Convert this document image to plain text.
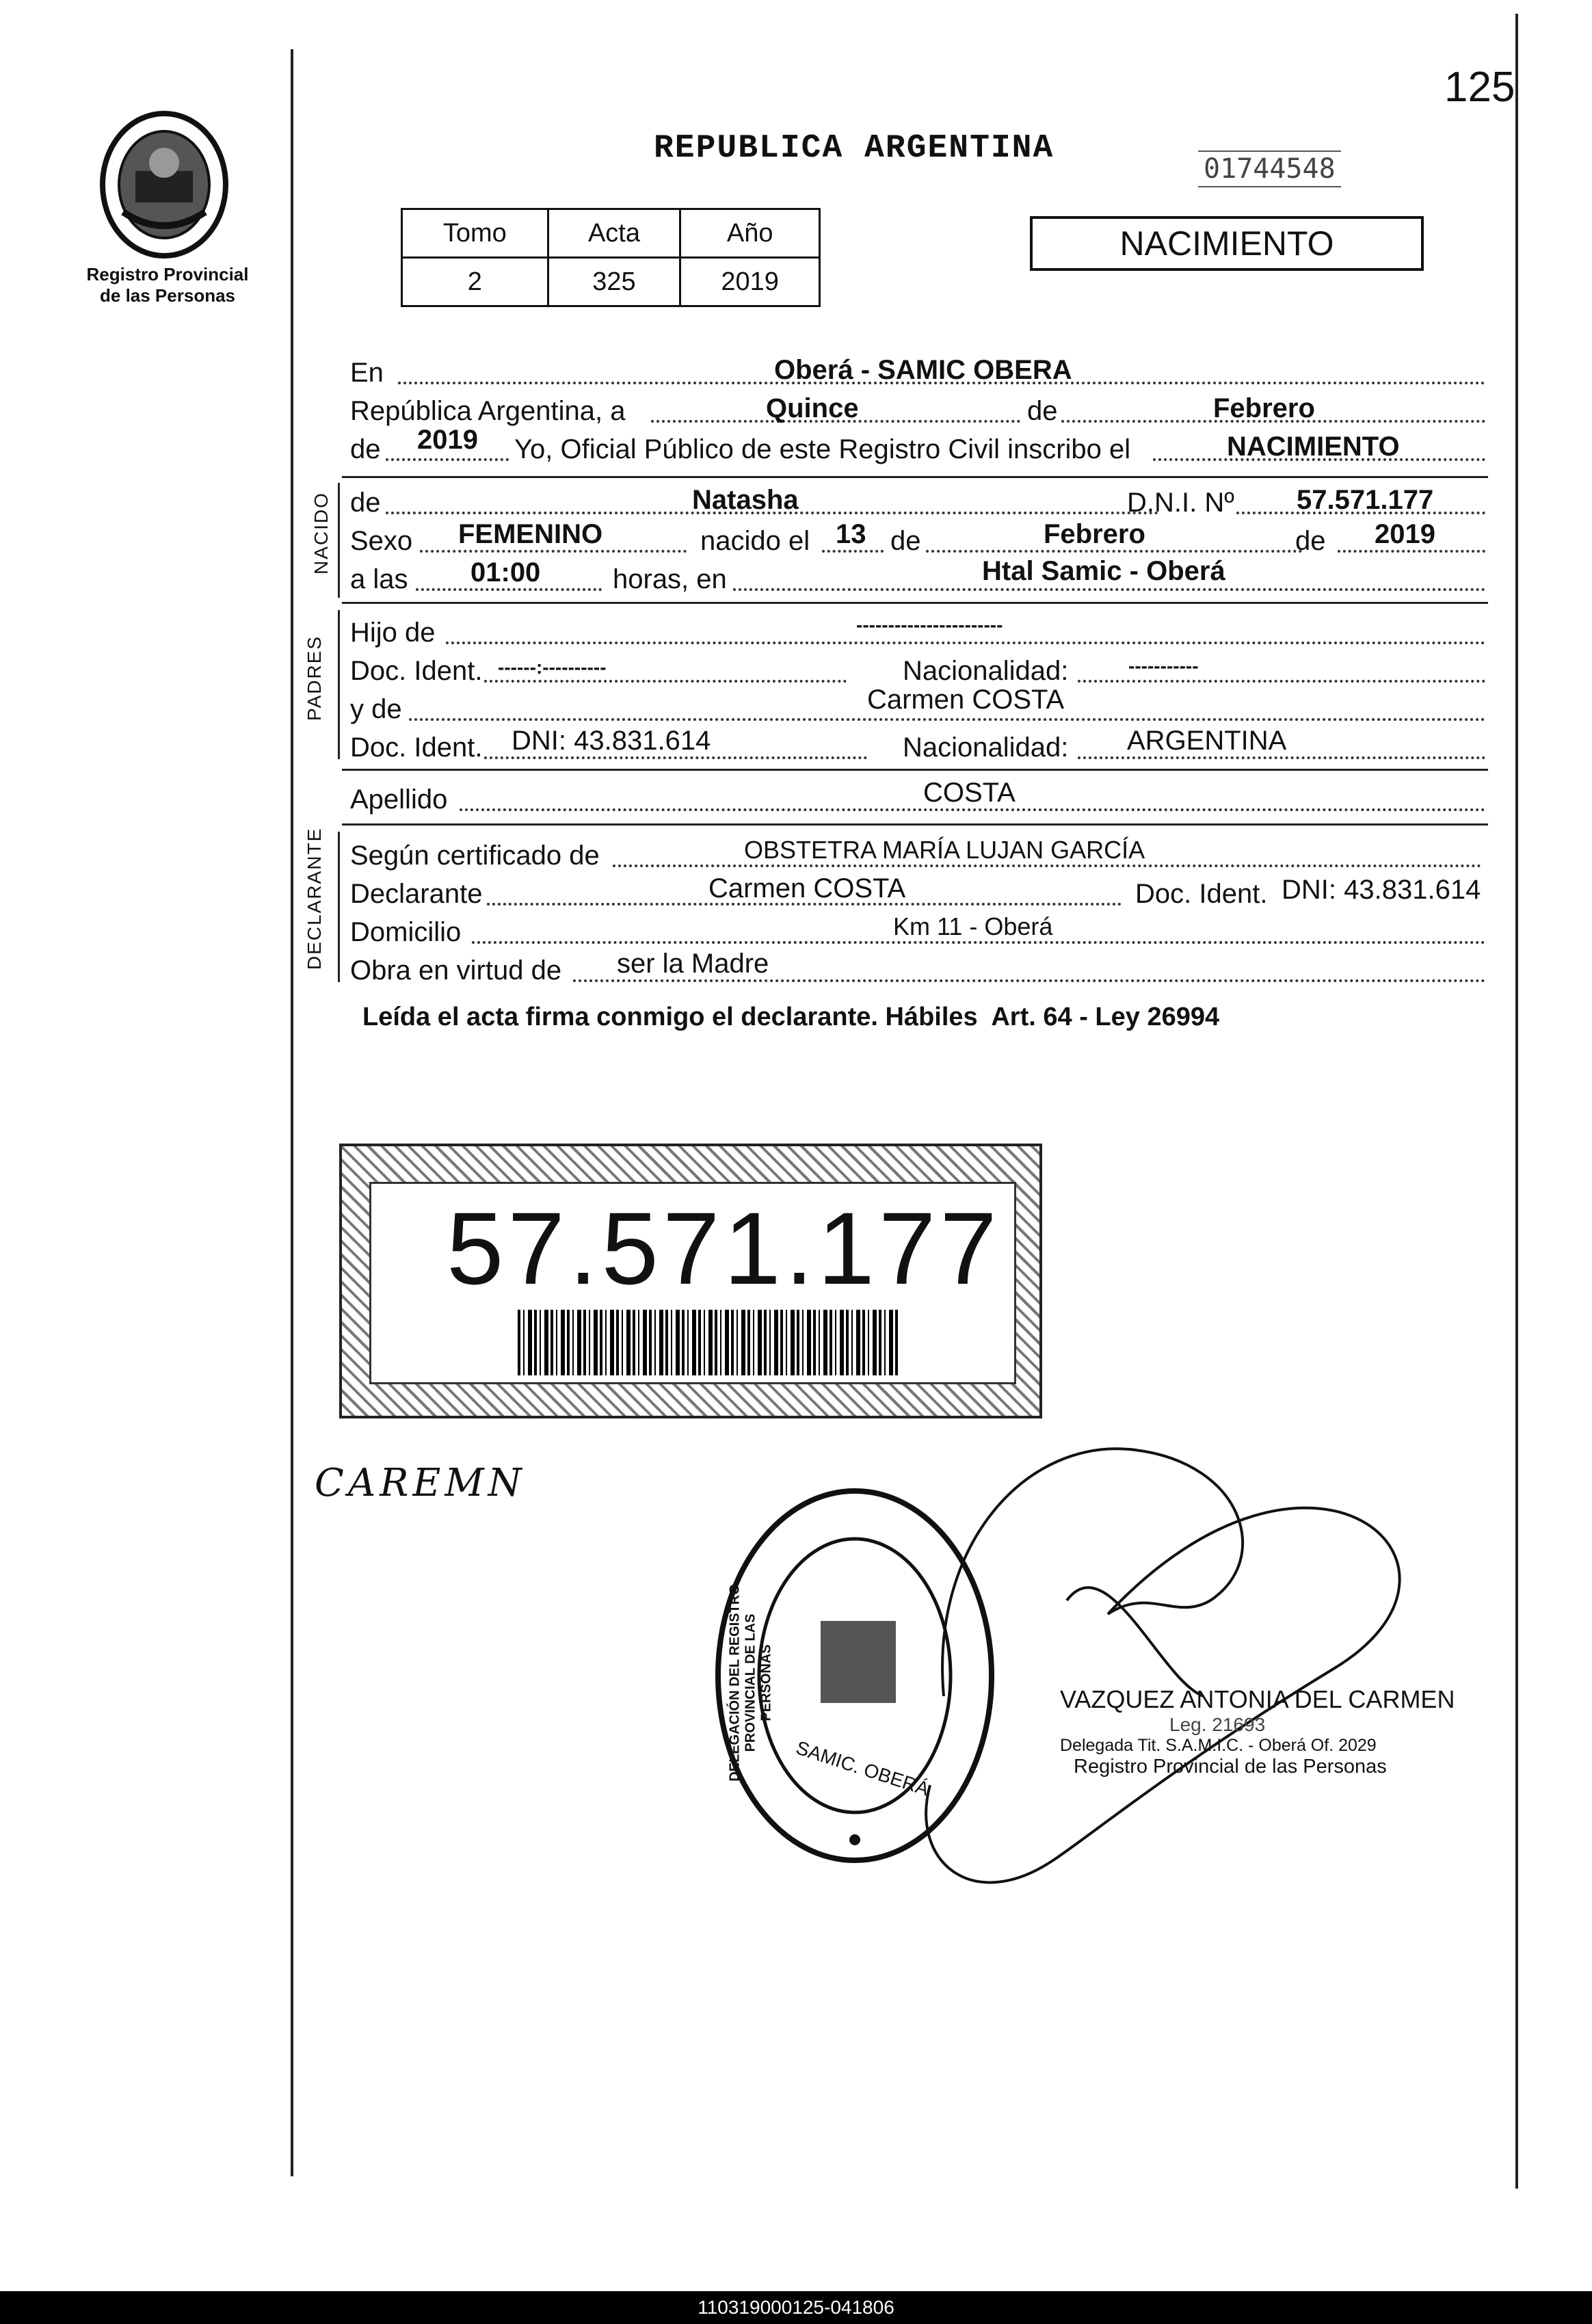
125
Registro Provincial
de las Personas
REPUBLICA ARGENTINA
01744548
Tomo	Acta	Año
2	325	2019
NACIMIENTO
En	Oberá - SAMIC OBERA
República Argentina, a	Quince	de	Febrero
de 2019 Yo, Oficial Público de este Registro Civil inscribo el	NACIMIENTO
NACIDO de	Natasha	D.N.I. Nº 57.571.177
Sexo FEMENINO	nacido el 13 de	Febrero	de 2019
a las 01:00	horas, en	Htal Samic - Oberá
PADRES
Hijo de	-----------------------
Doc. Ident. ------:----------	Nacionalidad:	-----------
y de	Carmen COSTA
Doc. Ident. DNI: 43.831.614	Nacionalidad: ARGENTINA
Apellido	COSTA
DECLARANTE Según certificado de	OBSTETRA MARÍA LUJAN GARCÍA
Declarante	Carmen COSTA	Doc. Ident. DNI: 43.831.614
Domicilio	Km 11 - Oberá
Obra en virtud de ser la Madre
Leída el acta firma conmigo el declarante. Hábiles  Art. 64 - Ley 26994
57.571.177
CAREMN
DELEGACIÓN DEL REGISTRO PROVINCIAL DE LAS PERSONAS
SAMIC. OBERÁ
VAZQUEZ ANTONIA DEL CARMEN
Leg. 21693
Delegada Tit. S.A.M.I.C. - Oberá Of. 2029
Registro Provincial de las Personas
110319000125-041806
